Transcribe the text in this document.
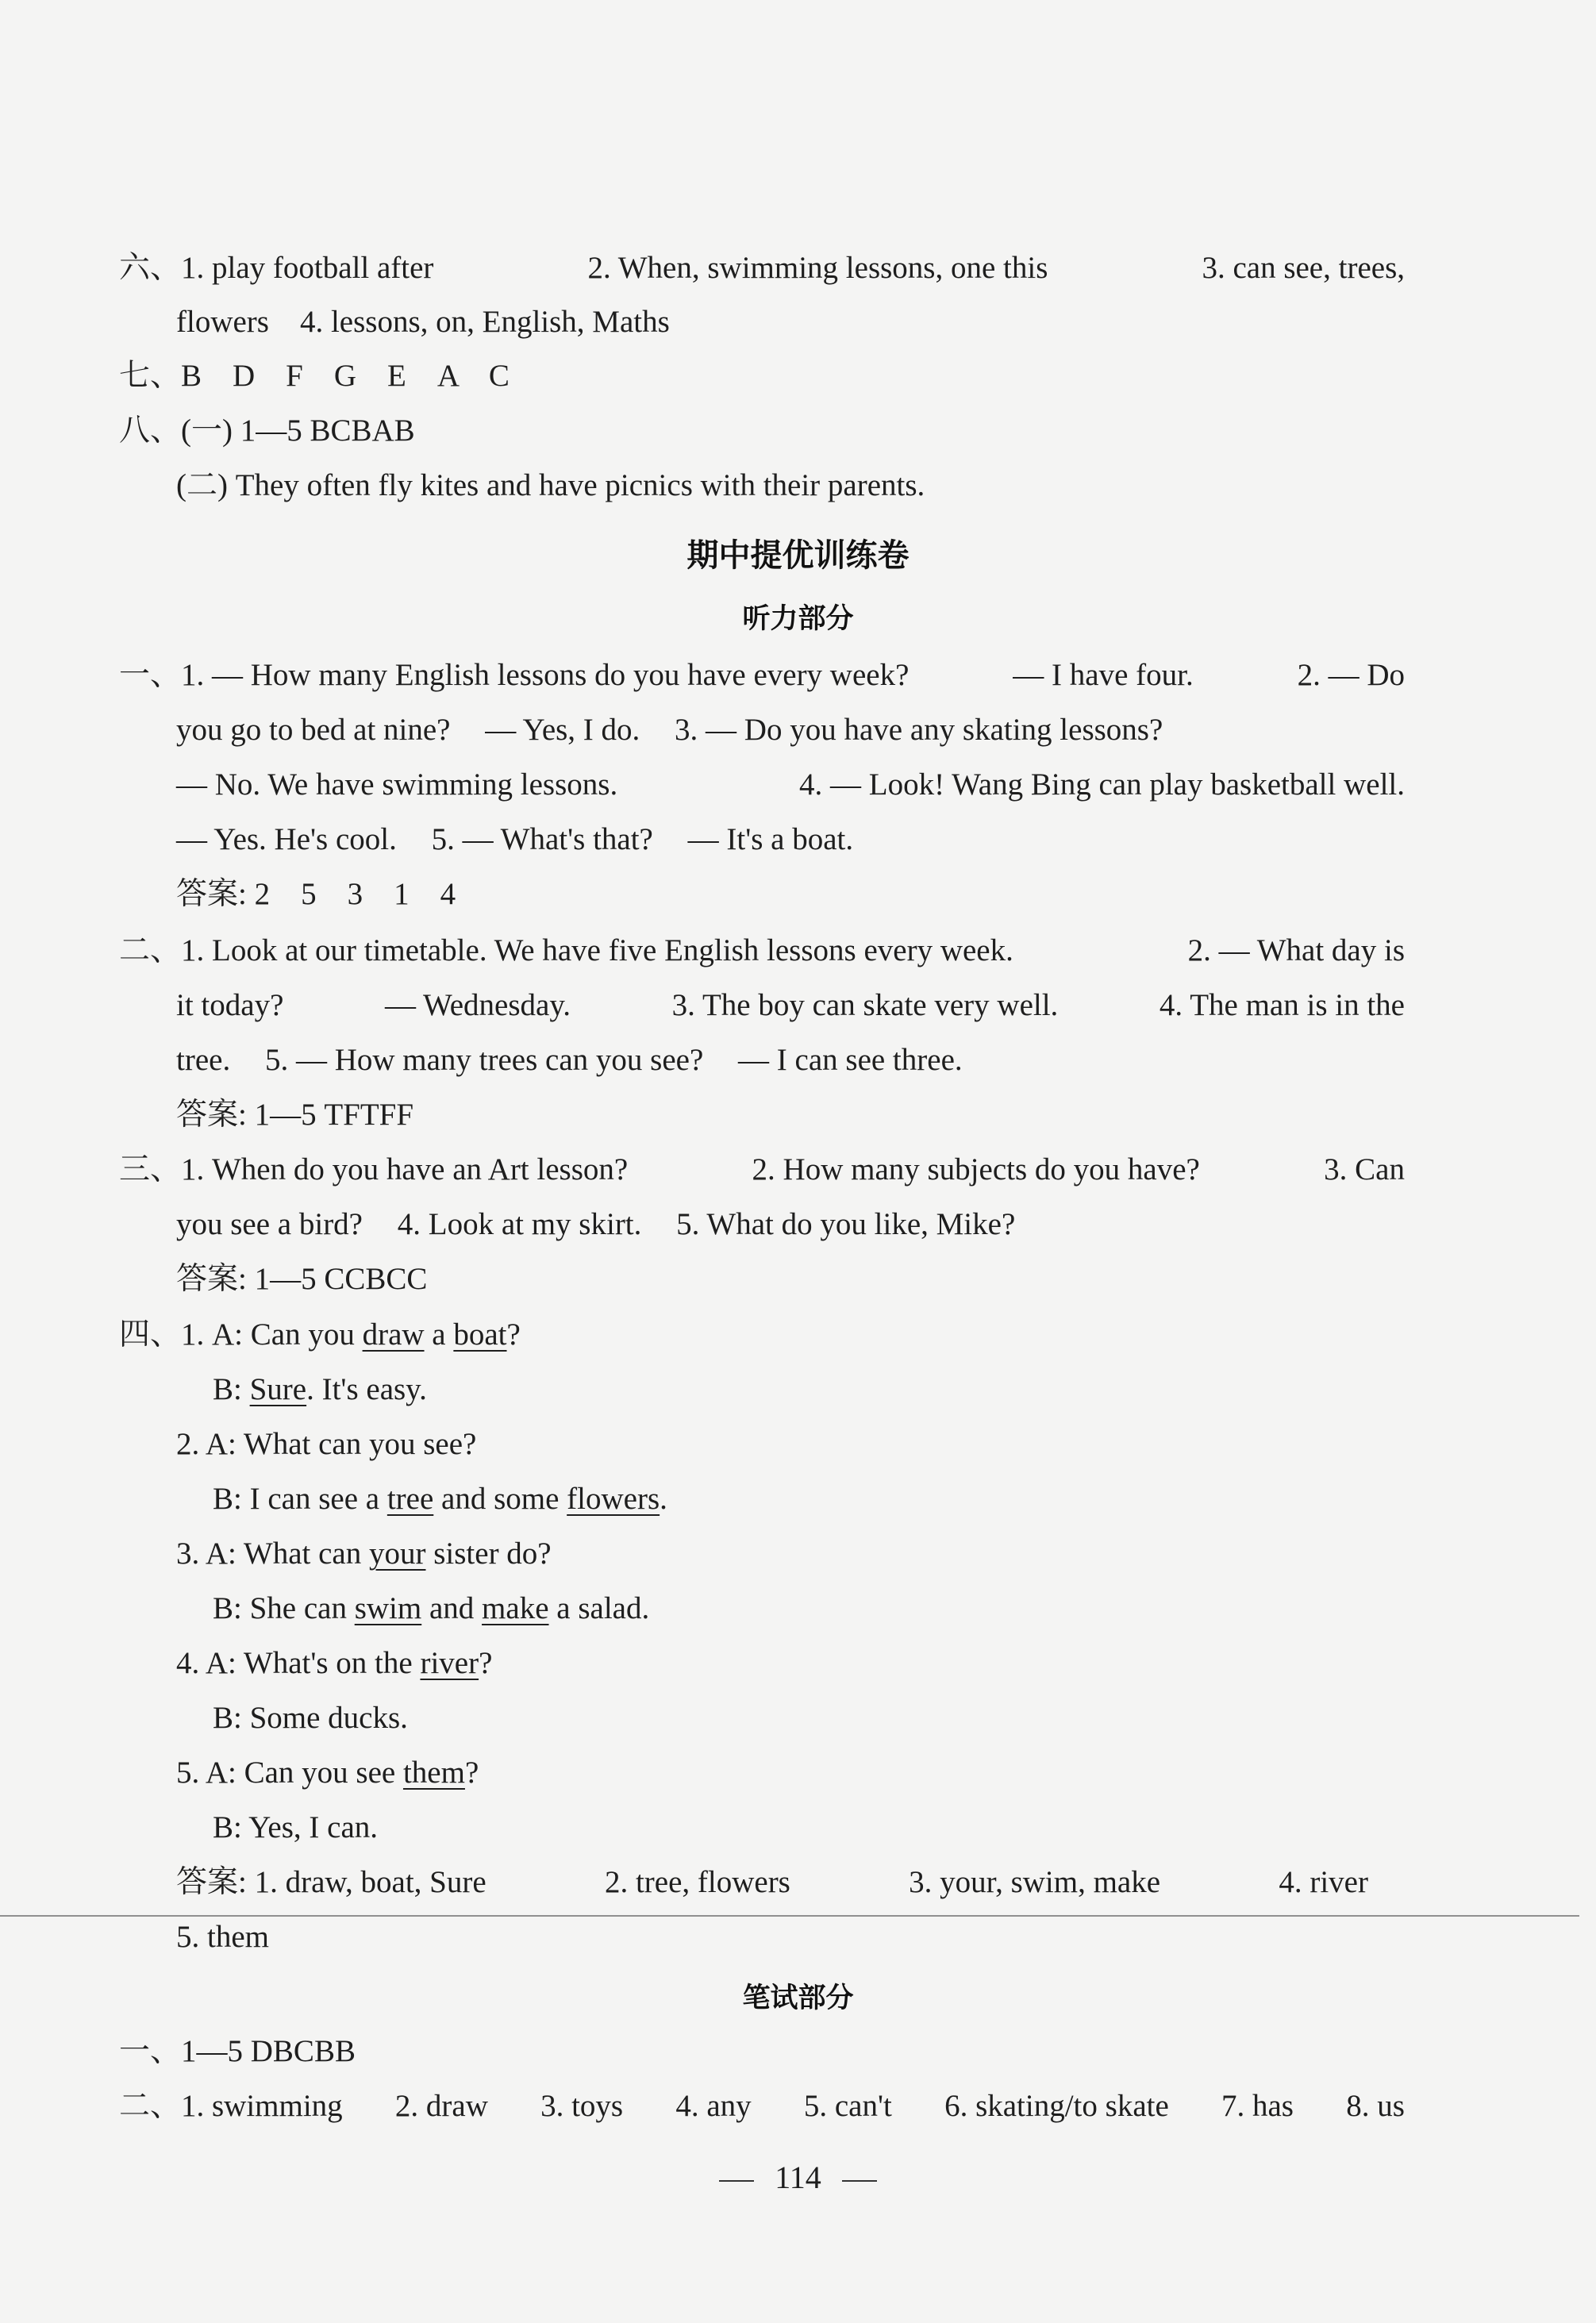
六、1. play football after	2. When, swimming lessons, one this	3. can see, trees,
flowers　4. lessons, on, English, Maths
七、B　D　F　G　E　A　C
八、(一) 1—5 BCBAB
(二) They often fly kites and have picnics with their parents.
期中提优训练卷
听力部分
一、1. — How many English lessons do you have every week?	— I have four.	2. — Do
you go to bed at nine? — Yes, I do. 3. — Do you have any skating lessons?
— No. We have swimming lessons.	4. — Look! Wang Bing can play basketball well.
— Yes. He's cool. 5. — What's that? — It's a boat.
答案: 2　5　3　1　4
二、1. Look at our timetable. We have five English lessons every week.	2. — What day is
it today?	— Wednesday.	3. The boy can skate very well.	4. The man is in the
tree. 5. — How many trees can you see? — I can see three.
答案: 1—5 TFTFF
三、1. When do you have an Art lesson?	2. How many subjects do you have?	3. Can
you see a bird? 4. Look at my skirt. 5. What do you like, Mike?
答案: 1—5 CCBCC
四、1. A: Can you draw a boat?
B: Sure. It's easy.
2. A: What can you see?
B: I can see a tree and some flowers.
3. A: What can your sister do?
B: She can swim and make a salad.
4. A: What's on the river?
B: Some ducks.
5. A: Can you see them?
B: Yes, I can.
答案: 1. draw, boat, Sure	2. tree, flowers	3. your, swim, make	4. river
5. them
笔试部分
一、1—5 DBCBB
二、1. swimming 2. draw 3. toys 4. any 5. can't 6. skating/to skate 7. has 8. us
114
